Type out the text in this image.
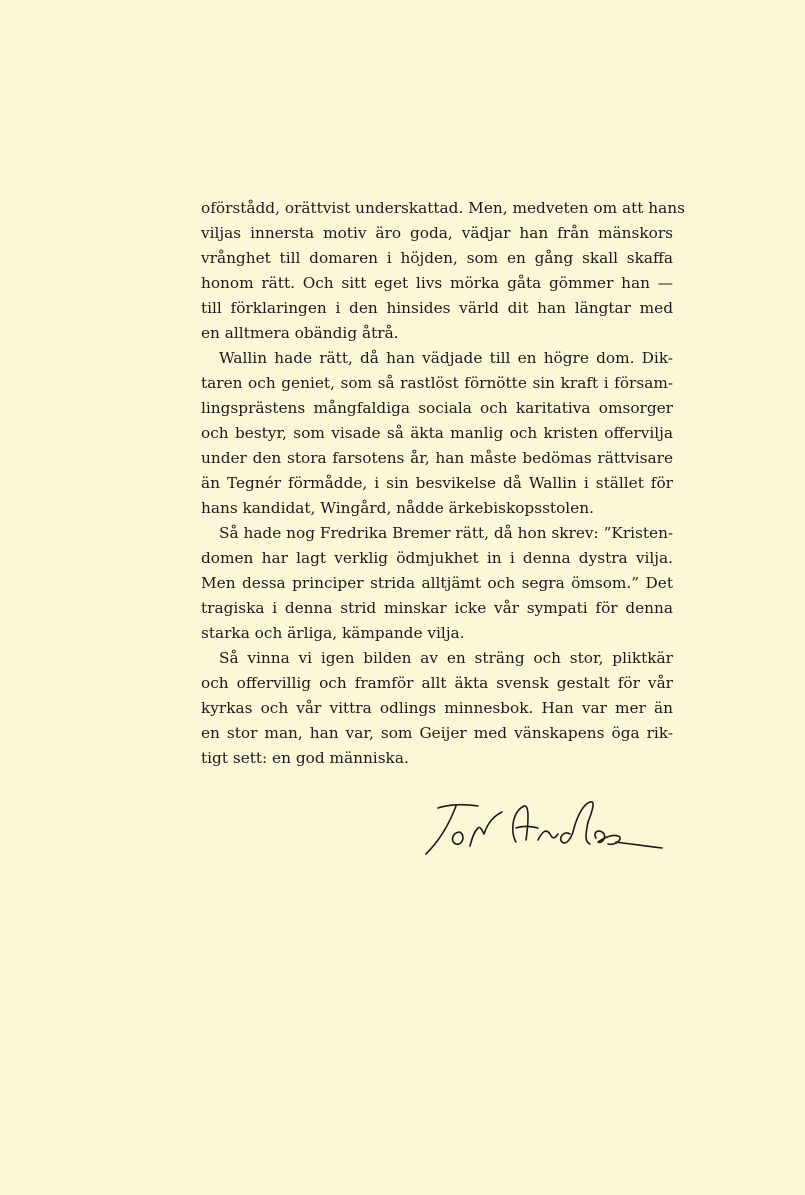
oförstådd, orättvist underskattad. Men, medveten om att hans
viljas innersta motiv äro goda, vädjar han från mänskors
vrånghet till domaren i höjden, som en gång skall skaffa
honom rätt. Och sitt eget livs mörka gåta gömmer han —
till förklaringen i den hinsides värld dit han längtar med
en alltmera obändig åtrå.
Wallin hade rätt, då han vädjade till en högre dom. Dik-
taren och geniet, som så rastlöst förnötte sin kraft i försam-
lingsprästens mångfaldiga sociala och karitativa omsorger
och bestyr, som visade så äkta manlig och kristen offervilja
under den stora farsotens år, han måste bedömas rättvisare
än Tegnér förmådde, i sin besvikelse då Wallin i stället för
hans kandidat, Wingård, nådde ärkebiskopsstolen.
Så hade nog Fredrika Bremer rätt, då hon skrev: ”Kristen-
domen har lagt verklig ödmjukhet in i denna dystra vilja.
Men dessa principer strida alltjämt och segra ömsom.” Det
tragiska i denna strid minskar icke vår sympati för denna
starka och ärliga, kämpande vilja.
Så vinna vi igen bilden av en sträng och stor, pliktkär
och offervillig och framför allt äkta svensk gestalt för vår
kyrkas och vår vittra odlings minnesbok. Han var mer än
en stor man, han var, som Geijer med vänskapens öga rik-
tigt sett: en god människa.
